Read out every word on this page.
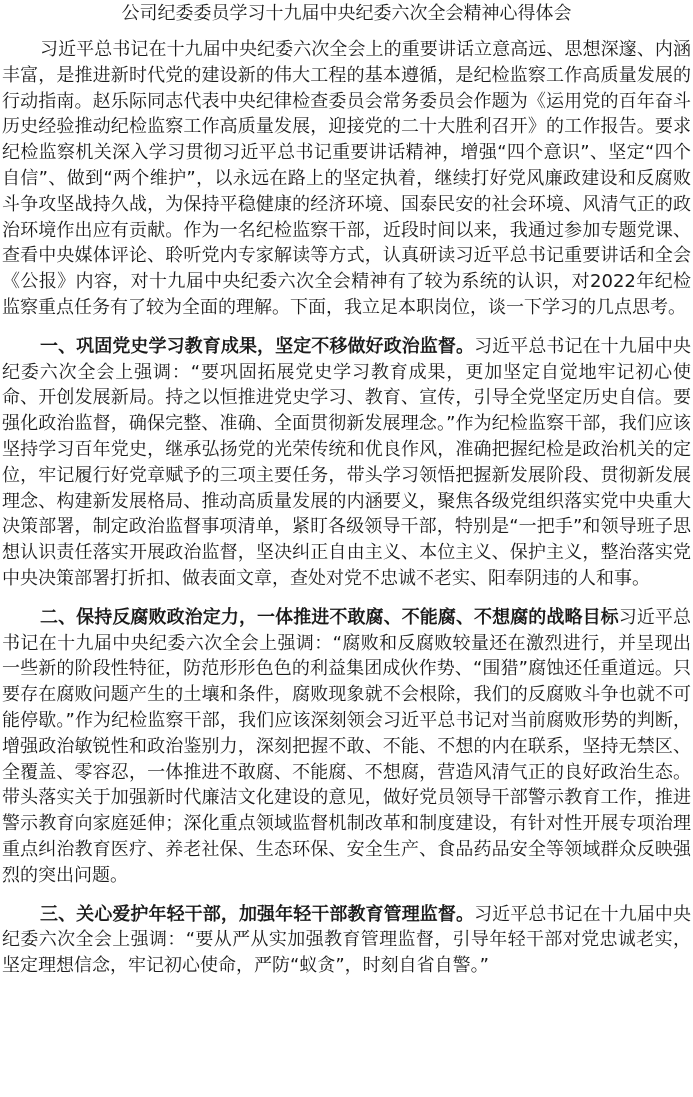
公司纪委委员学习十九届中央纪委六次全会精神心得体会

习近平总书记在十九届中央纪委六次全会上的重要讲话立意高远、思想深邃、内涵丰富，是推进新时代党的建设新的伟大工程的基本遵循，是纪检监察工作高质量发展的行动指南。赵乐际同志代表中央纪律检查委员会常务委员会作题为《运用党的百年奋斗历史经验推动纪检监察工作高质量发展，迎接党的二十大胜利召开》的工作报告。要求纪检监察机关深入学习贯彻习近平总书记重要讲话精神，增强“四个意识”、坚定“四个自信”、做到“两个维护”，以永远在路上的坚定执着，继续打好党风廉政建设和反腐败斗争攻坚战持久战，为保持平稳健康的经济环境、国泰民安的社会环境、风清气正的政治环境作出应有贡献。作为一名纪检监察干部，近段时间以来，我通过参加专题党课、查看中央媒体评论、聆听党内专家解读等方式，认真研读习近平总书记重要讲话和全会《公报》内容，对十九届中央纪委六次全会精神有了较为系统的认识，对2022年纪检监察重点任务有了较为全面的理解。下面，我立足本职岗位，谈一下学习的几点思考。

一、巩固党史学习教育成果，坚定不移做好政治监督。习近平总书记在十九届中央纪委六次全会上强调：“要巩固拓展党史学习教育成果，更加坚定自觉地牢记初心使命、开创发展新局。持之以恒推进党史学习、教育、宣传，引导全党坚定历史自信。要强化政治监督，确保完整、准确、全面贯彻新发展理念。”作为纪检监察干部，我们应该坚持学习百年党史，继承弘扬党的光荣传统和优良作风，准确把握纪检是政治机关的定位，牢记履行好党章赋予的三项主要任务，带头学习领悟把握新发展阶段、贯彻新发展理念、构建新发展格局、推动高质量发展的内涵要义，聚焦各级党组织落实党中央重大决策部署，制定政治监督事项清单，紧盯各级领导干部，特别是“一把手”和领导班子思想认识责任落实开展政治监督，坚决纠正自由主义、本位主义、保护主义，整治落实党中央决策部署打折扣、做表面文章，查处对党不忠诚不老实、阳奉阴违的人和事。

二、保持反腐败政治定力，一体推进不敢腐、不能腐、不想腐的战略目标习近平总书记在十九届中央纪委六次全会上强调：“腐败和反腐败较量还在激烈进行，并呈现出一些新的阶段性特征，防范形形色色的利益集团成伙作势、“围猎”腐蚀还任重道远。只要存在腐败问题产生的土壤和条件，腐败现象就不会根除，我们的反腐败斗争也就不可能停歇。”作为纪检监察干部，我们应该深刻领会习近平总书记对当前腐败形势的判断，增强政治敏锐性和政治鉴别力，深刻把握不敢、不能、不想的内在联系，坚持无禁区、全覆盖、零容忍，一体推进不敢腐、不能腐、不想腐，营造风清气正的良好政治生态。带头落实关于加强新时代廉洁文化建设的意见，做好党员领导干部警示教育工作，推进警示教育向家庭延伸；深化重点领域监督机制改革和制度建设，有针对性开展专项治理重点纠治教育医疗、养老社保、生态环保、安全生产、食品药品安全等领域群众反映强烈的突出问题。

三、关心爱护年轻干部，加强年轻干部教育管理监督。习近平总书记在十九届中央纪委六次全会上强调：“要从严从实加强教育管理监督，引导年轻干部对党忠诚老实，坚定理想信念，牢记初心使命，严防“蚁贪”，时刻自省自警。”
